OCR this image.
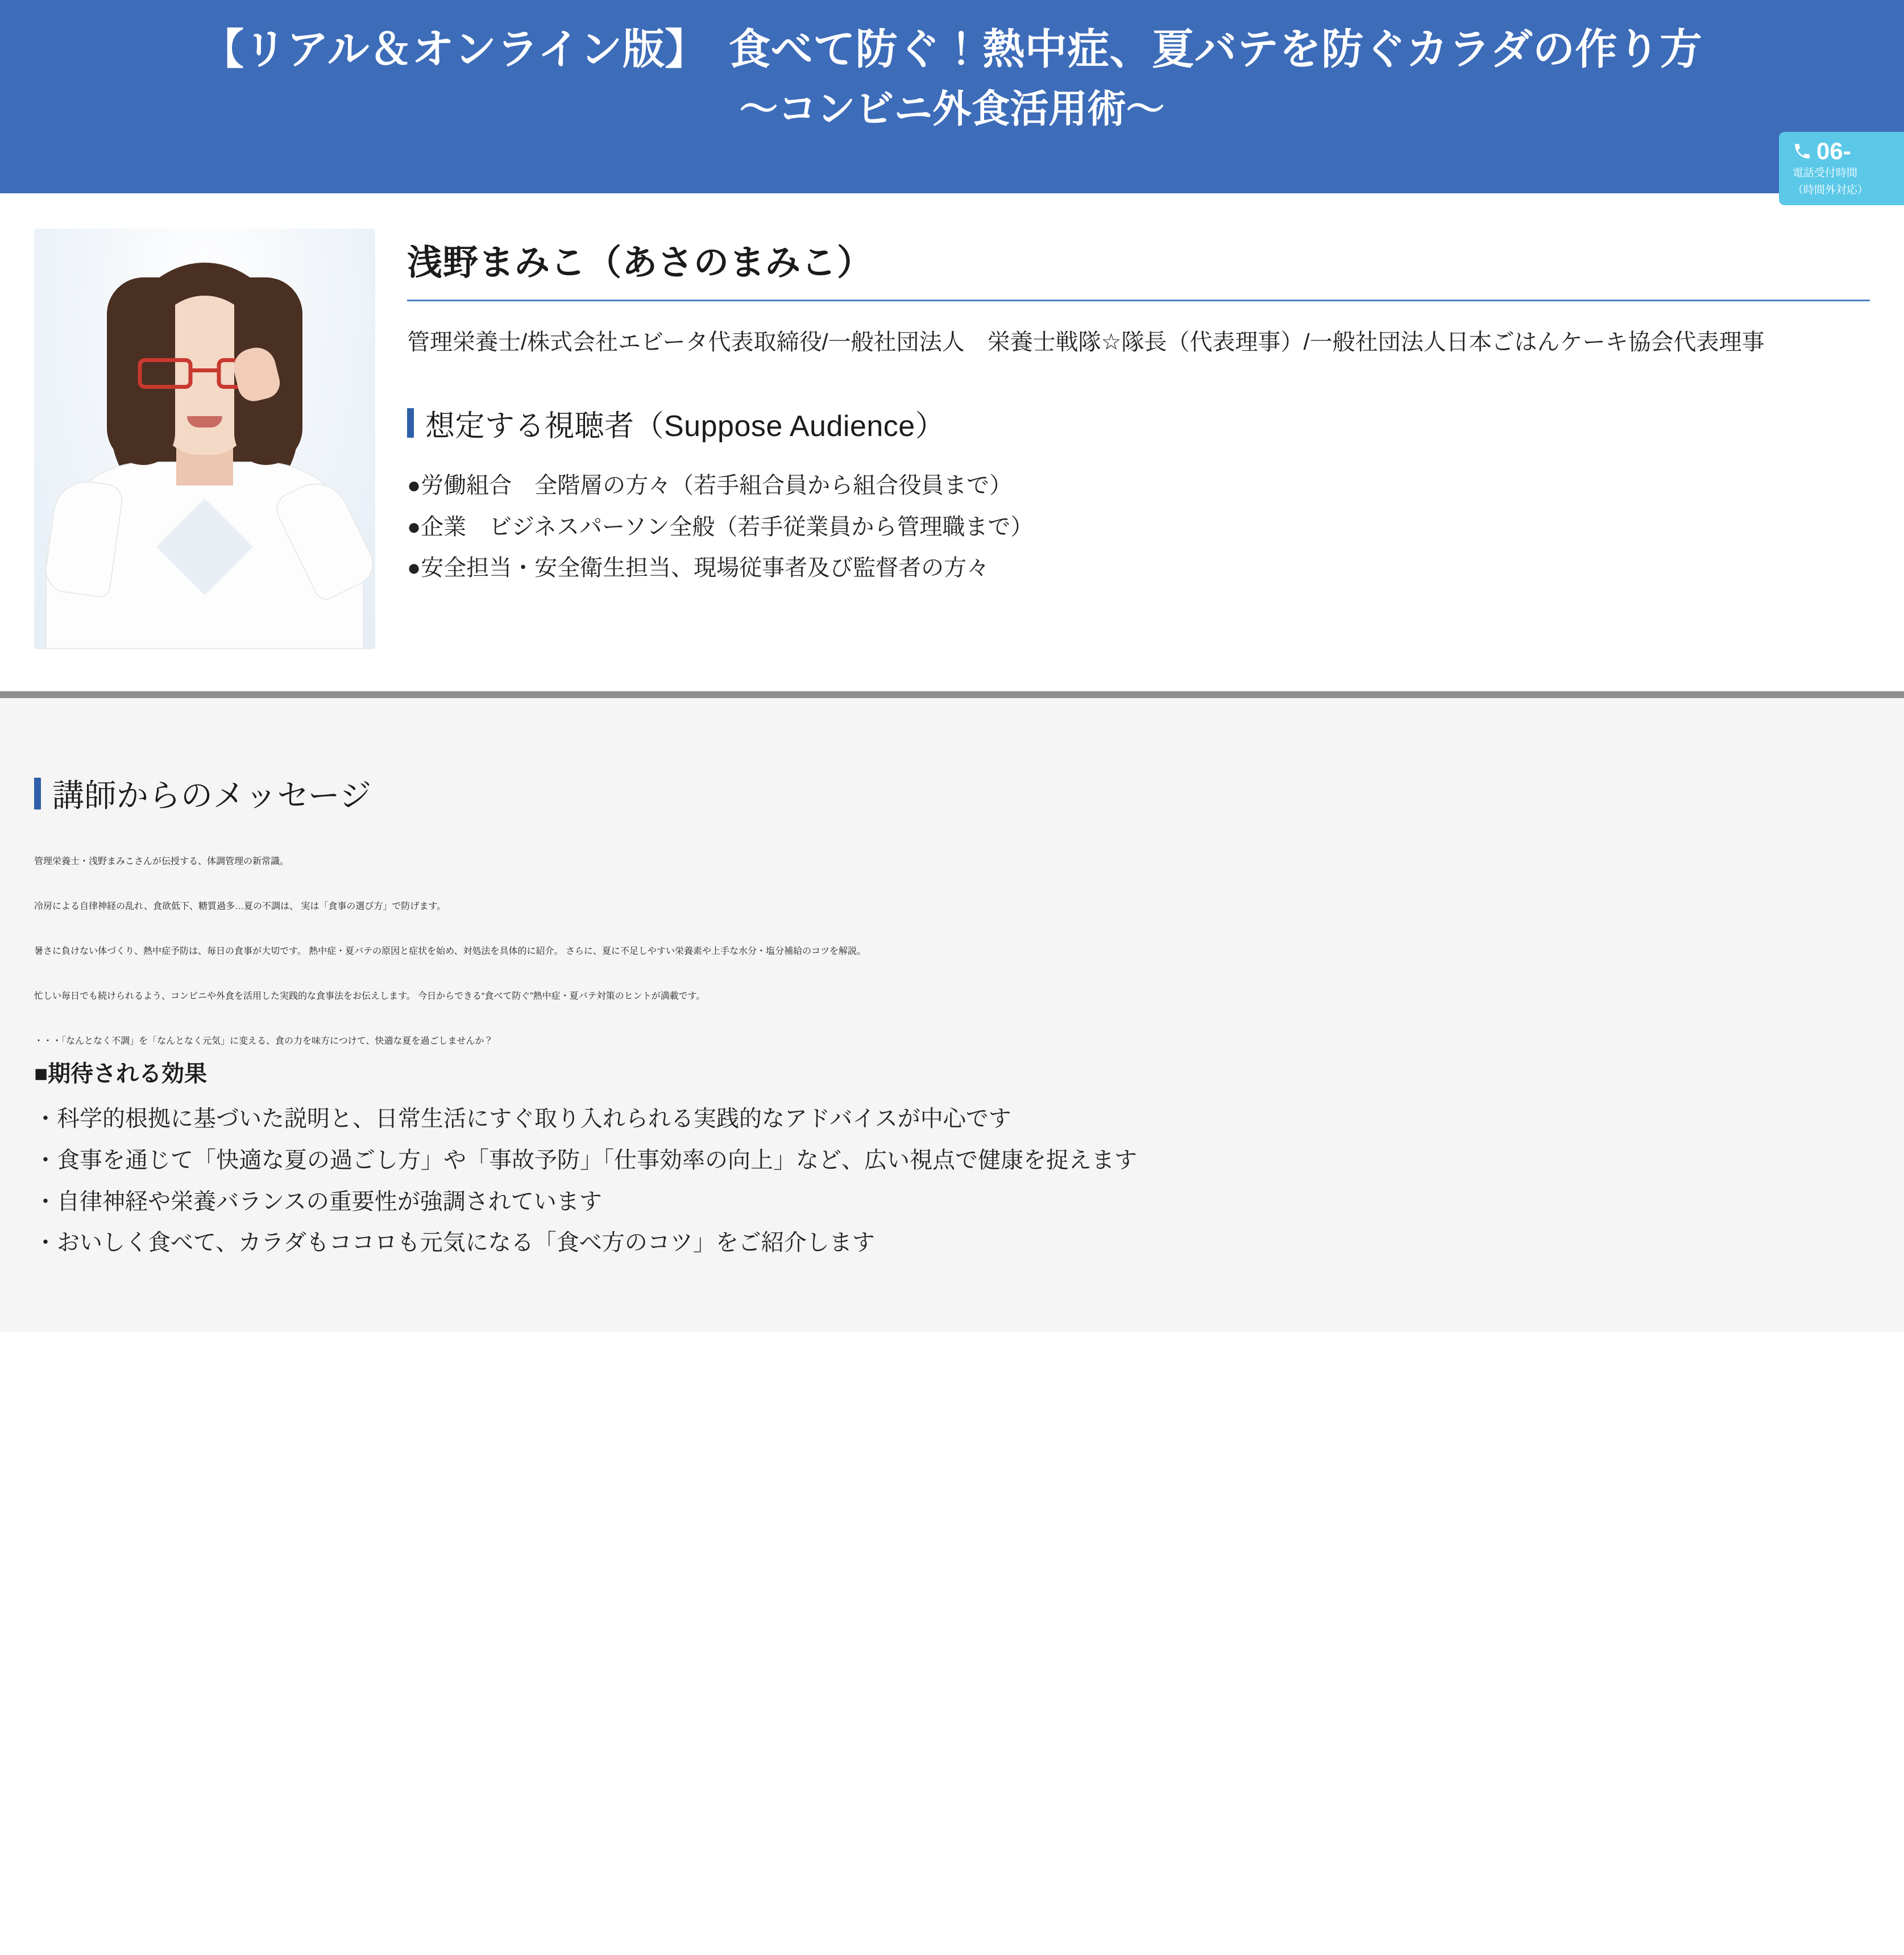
【リアル＆オンライン版】　食べて防ぐ！熱中症、夏バテを防ぐカラダの作り方
〜コンビニ外食活用術〜
06-
電話受付時間
（時間外対応）
浅野まみこ（あさのまみこ）

管理栄養士/株式会社エビータ代表取締役/一般社団法人　栄養士戦隊☆隊長（代表理事）/一般社団法人日本ごはんケーキ協会代表理事

想定する視聴者（Suppose Audience）
●労働組合　全階層の方々（若手組合員から組合役員まで）
●企業　ビジネスパーソン全般（若手従業員から管理職まで）
●安全担当・安全衛生担当、現場従事者及び監督者の方々
講師からのメッセージ

管理栄養士・浅野まみこさんが伝授する、体調管理の新常識。

冷房による自律神経の乱れ、食欲低下、糖質過多…夏の不調は、 実は「食事の選び方」で防げます。

暑さに負けない体づくり、熱中症予防は、毎日の食事が大切です。 熱中症・夏バテの原因と症状を始め、対処法を具体的に紹介。 さらに、夏に不足しやすい栄養素や上手な水分・塩分補給のコツを解説。

忙しい毎日でも続けられるよう、コンビニや外食を活用した実践的な食事法をお伝えします。 今日からできる“食べて防ぐ”熱中症・夏バテ対策のヒントが満載です。

・・・「なんとなく不調」を「なんとなく元気」に変える、食の力を味方につけて、快適な夏を過ごしませんか？

■期待される効果
・科学的根拠に基づいた説明と、日常生活にすぐ取り入れられる実践的なアドバイスが中心です
・食事を通じて「快適な夏の過ごし方」や「事故予防」「仕事効率の向上」など、広い視点で健康を捉えます
・自律神経や栄養バランスの重要性が強調されています
・おいしく食べて、カラダもココロも元気になる「食べ方のコツ」をご紹介します
